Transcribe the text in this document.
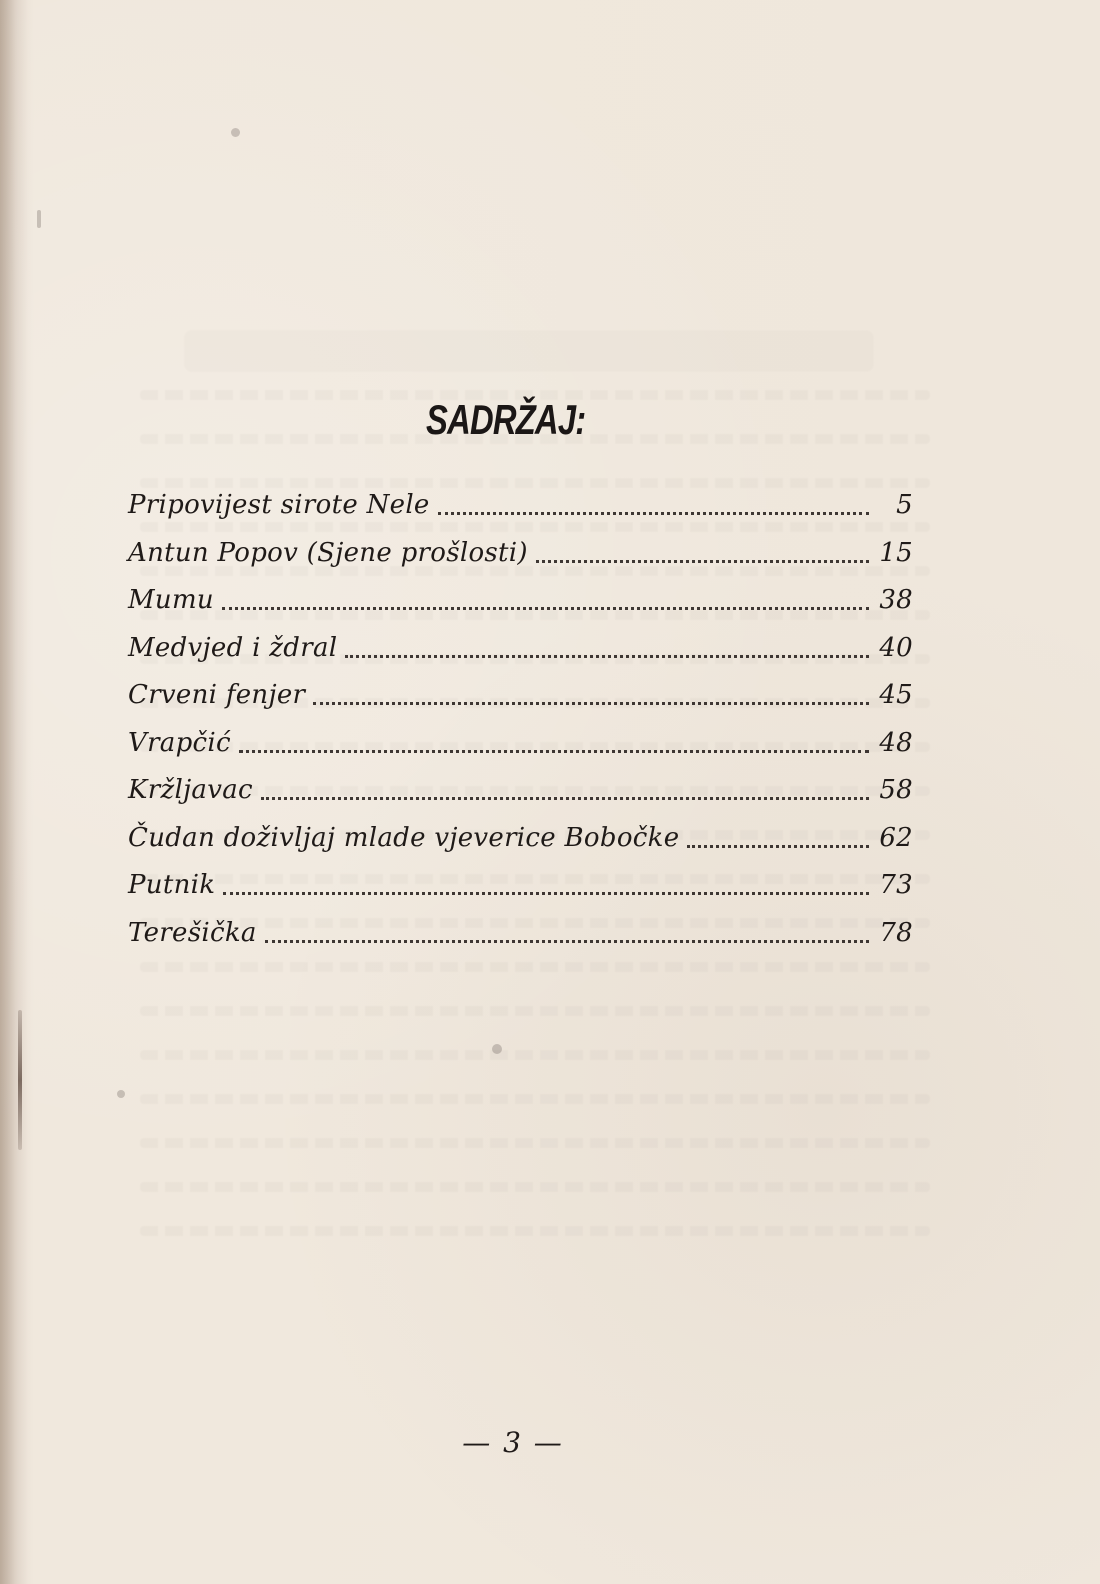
SADRŽAJ:
Pripovijest sirote Nele	5
Antun Popov (Sjene prošlosti)	15
Mumu	38
Medvjed i ždral	40
Crveni fenjer	45
Vrapčić	48
Kržljavac	58
Čudan doživljaj mlade vjeverice Bobočke	62
Putnik	73
Terešička	78
— 3 —
